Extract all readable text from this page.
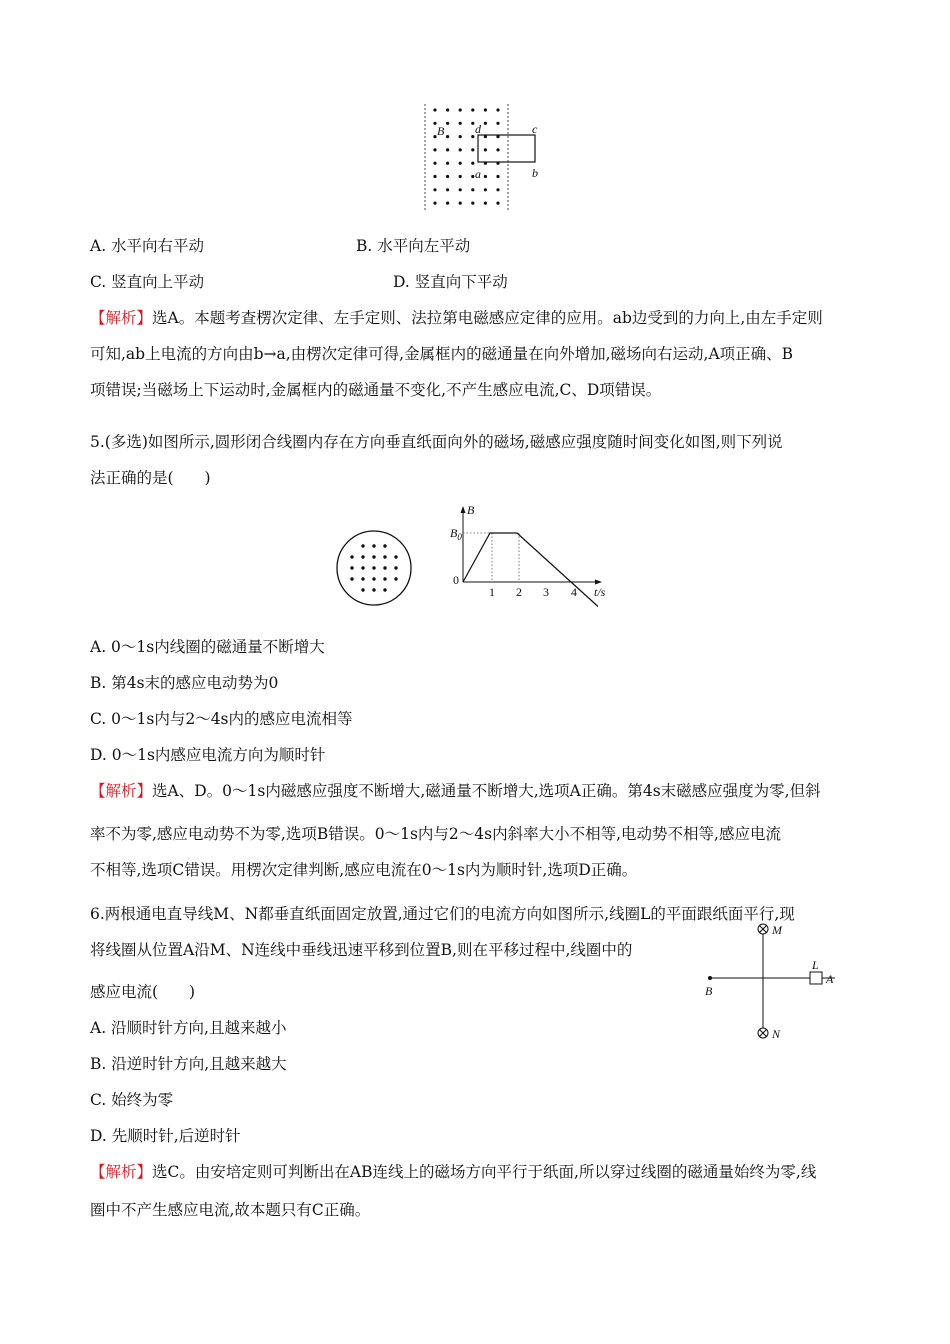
B	d	c
a	b
A. 水平向右平动	B. 水平向左平动
C. 竖直向上平动	D. 竖直向下平动
【解析】选A。本题考查楞次定律、左手定则、法拉第电磁感应定律的应用。ab边受到的力向上,由左手定则
可知,ab上电流的方向由b→a,由楞次定律可得,金属框内的磁通量在向外增加,磁场向右运动,A项正确、B
项错误;当磁场上下运动时,金属框内的磁通量不变化,不产生感应电流,C、D项错误。
5.(多选)如图所示,圆形闭合线圈内存在方向垂直纸面向外的磁场,磁感应强度随时间变化如图,则下列说
法正确的是(　　)
B
$B_0$
0
1 2 3 4 t/s
A. 0～1s内线圈的磁通量不断增大
B. 第4s末的感应电动势为0
C. 0～1s内与2～4s内的感应电流相等
D. 0～1s内感应电流方向为顺时针
【解析】选A、D。0～1s内磁感应强度不断增大,磁通量不断增大,选项A正确。第4s末磁感应强度为零,但斜
率不为零,感应电动势不为零,选项B错误。0～1s内与2～4s内斜率大小不相等,电动势不相等,感应电流
不相等,选项C错误。用楞次定律判断,感应电流在0～1s内为顺时针,选项D正确。
6.两根通电直导线M、N都垂直纸面固定放置,通过它们的电流方向如图所示,线圈L的平面跟纸面平行,现
将线圈从位置A沿M、N连线中垂线迅速平移到位置B,则在平移过程中,线圈中的
感应电流(　　)
M
N
L
A
B
A. 沿顺时针方向,且越来越小
B. 沿逆时针方向,且越来越大
C. 始终为零
D. 先顺时针,后逆时针
【解析】选C。由安培定则可判断出在AB连线上的磁场方向平行于纸面,所以穿过线圈的磁通量始终为零,线
圈中不产生感应电流,故本题只有C正确。
